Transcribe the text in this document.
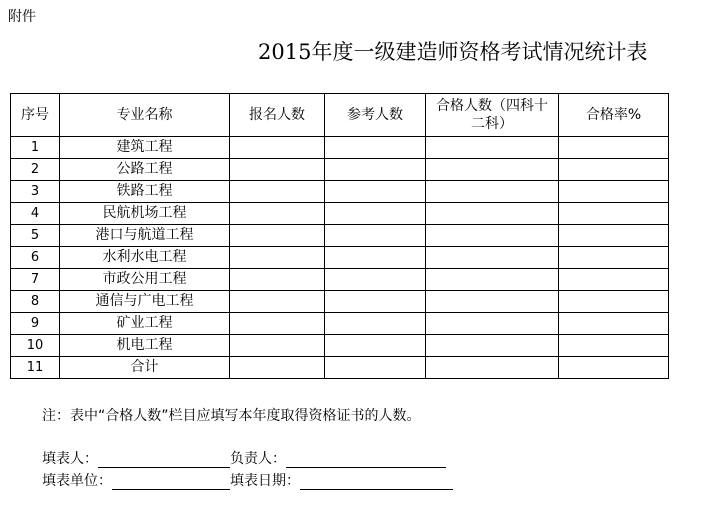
附件
2015年度一级建造师资格考试情况统计表
序号	专业名称	报名人数	参考人数	合格人数（四科十二科）	合格率%
1	建筑工程				
2	公路工程				
3	铁路工程				
4	民航机场工程				
5	港口与航道工程				
6	水利水电工程				
7	市政公用工程				
8	通信与广电工程				
9	矿业工程				
10	机电工程				
11	合计				
注：表中“合格人数”栏目应填写本年度取得资格证书的人数。
填表人：	负责人：
填表单位：	填表日期：
